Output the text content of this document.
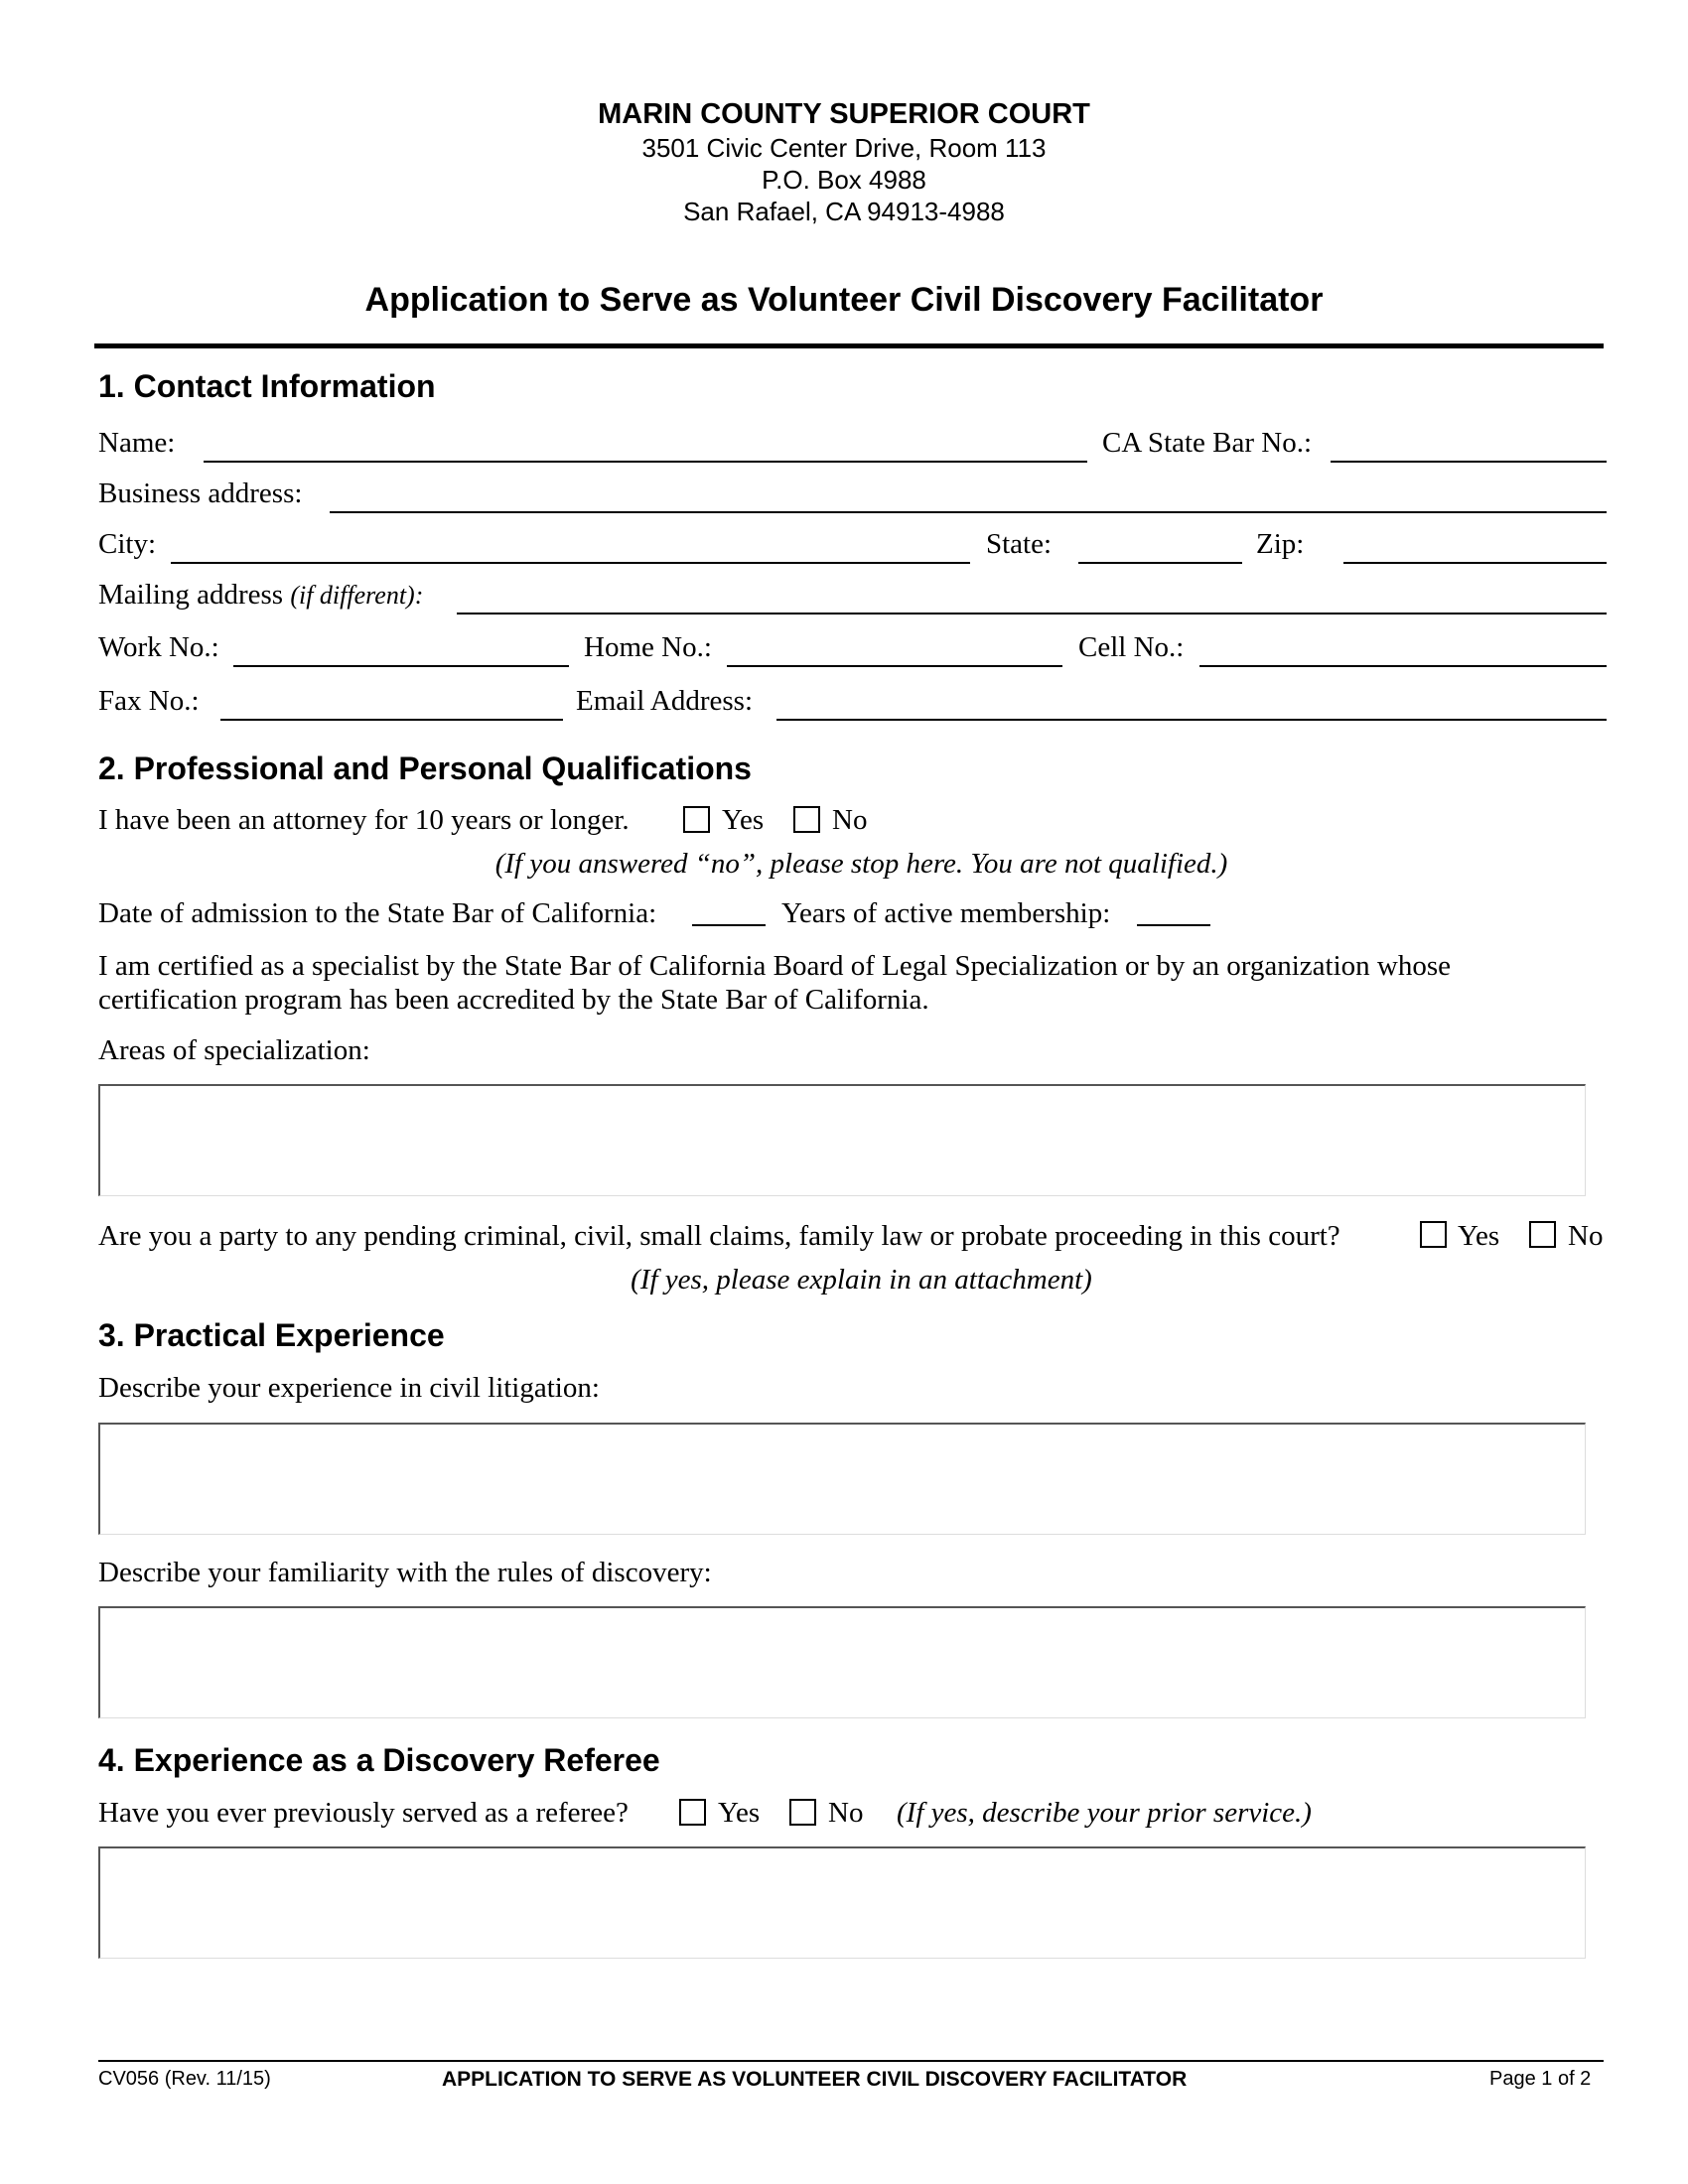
MARIN COUNTY SUPERIOR COURT
3501 Civic Center Drive, Room 113
P.O. Box 4988
San Rafael, CA 94913-4988
Application to Serve as Volunteer Civil Discovery Facilitator
1. Contact Information
Name:	CA State Bar No.:
Business address:
City:	State:	Zip:
Mailing address (if different):
Work No.:	Home No.:	Cell No.:
Fax No.:	Email Address:
2. Professional and Personal Qualifications
I have been an attorney for 10 years or longer.	Yes No
(If you answered “no”, please stop here. You are not qualified.)
Date of admission to the State Bar of California:	Years of active membership:
I am certified as a specialist by the State Bar of California Board of Legal Specialization or by an organization whose
certification program has been accredited by the State Bar of California.
Areas of specialization:
Are you a party to any pending criminal, civil, small claims, family law or probate proceeding in this court?	Yes No
(If yes, please explain in an attachment)
3. Practical Experience
Describe your experience in civil litigation:
Describe your familiarity with the rules of discovery:
4. Experience as a Discovery Referee
Have you ever previously served as a referee?	Yes No (If yes, describe your prior service.)
CV056 (Rev. 11/15)	APPLICATION TO SERVE AS VOLUNTEER CIVIL DISCOVERY FACILITATOR	Page 1 of 2
